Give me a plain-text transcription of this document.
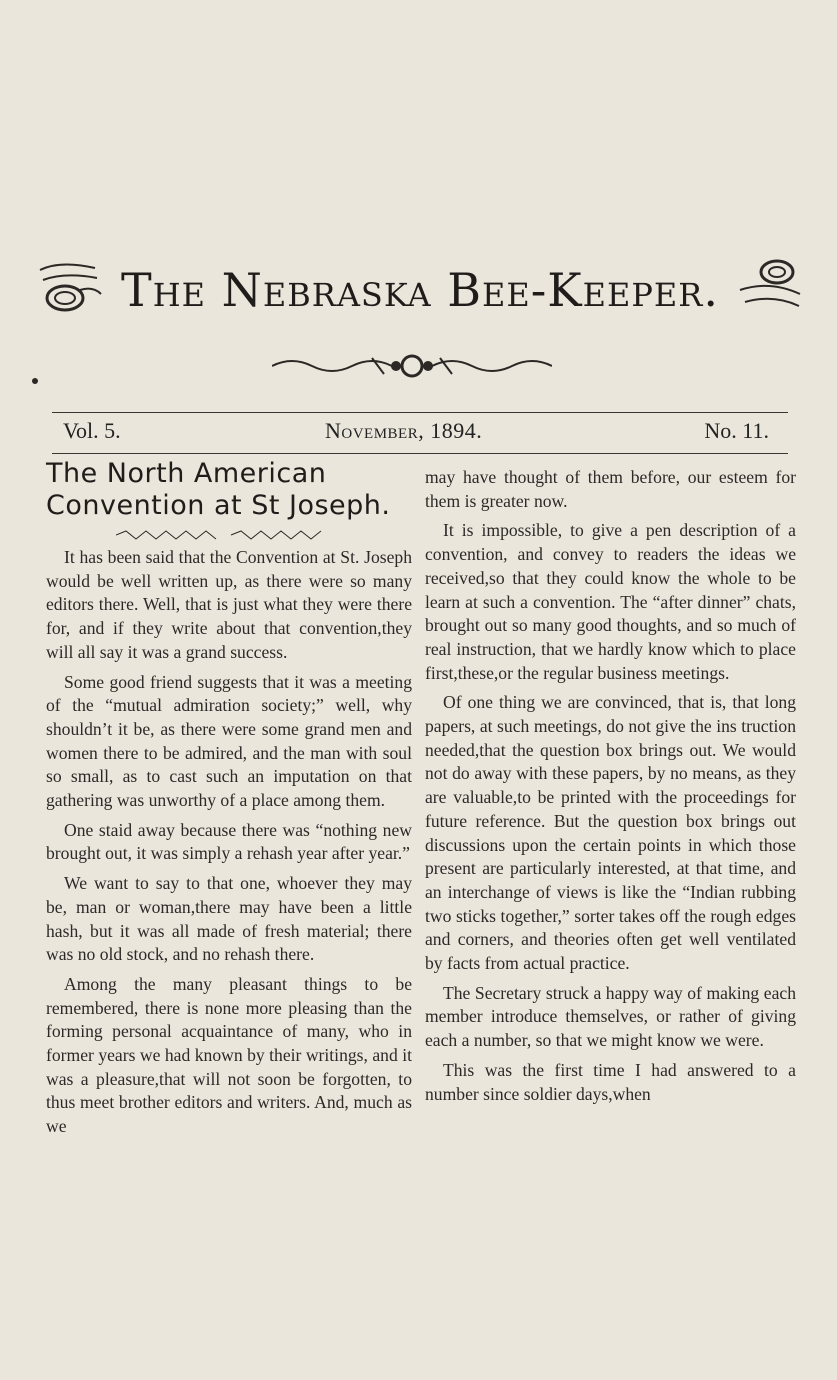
The Nebraska Bee-Keeper.
Vol. 5.	November, 1894.	No. 11.
The North American Convention at St Joseph.

It has been said that the Convention at St. Joseph would be well written up, as there were so many editors there. Well, that is just what they were there for, and if they write about that convention,they will all say it was a grand success.

Some good friend suggests that it was a meeting of the “mutual admiration society;” well, why shouldn’t it be, as there were some grand men and women there to be admired, and the man with soul so small, as to cast such an imputation on that gathering was unworthy of a place among them.

One staid away because there was “nothing new brought out, it was simply a rehash year after year.”

We want to say to that one, whoever they may be, man or woman,there may have been a little hash, but it was all made of fresh material; there was no old stock, and no rehash there.

Among the many pleasant things to be remembered, there is none more pleasing than the forming personal acquaintance of many, who in former years we had known by their writings, and it was a pleasure,that will not soon be forgotten, to thus meet brother editors and writers. And, much as we

may have thought of them before, our esteem for them is greater now.

It is impossible, to give a pen description of a convention, and convey to readers the ideas we received,so that they could know the whole to be learn at such a convention. The “after dinner” chats, brought out so many good thoughts, and so much of real instruction, that we hardly know which to place first,these,or the regular business meetings.

Of one thing we are convinced, that is, that long papers, at such meetings, do not give the ins truction needed,that the question box brings out. We would not do away with these papers, by no means, as they are valuable,to be printed with the proceedings for future reference. But the question box brings out discussions upon the certain points in which those present are particularly interested, at that time, and an interchange of views is like the “Indian rubbing two sticks together,” sorter takes off the rough edges and corners, and theories often get well ventilated by facts from actual practice.

The Secretary struck a happy way of making each member introduce themselves, or rather of giving each a number, so that we might know we were.

This was the first time I had answered to a number since soldier days,when
